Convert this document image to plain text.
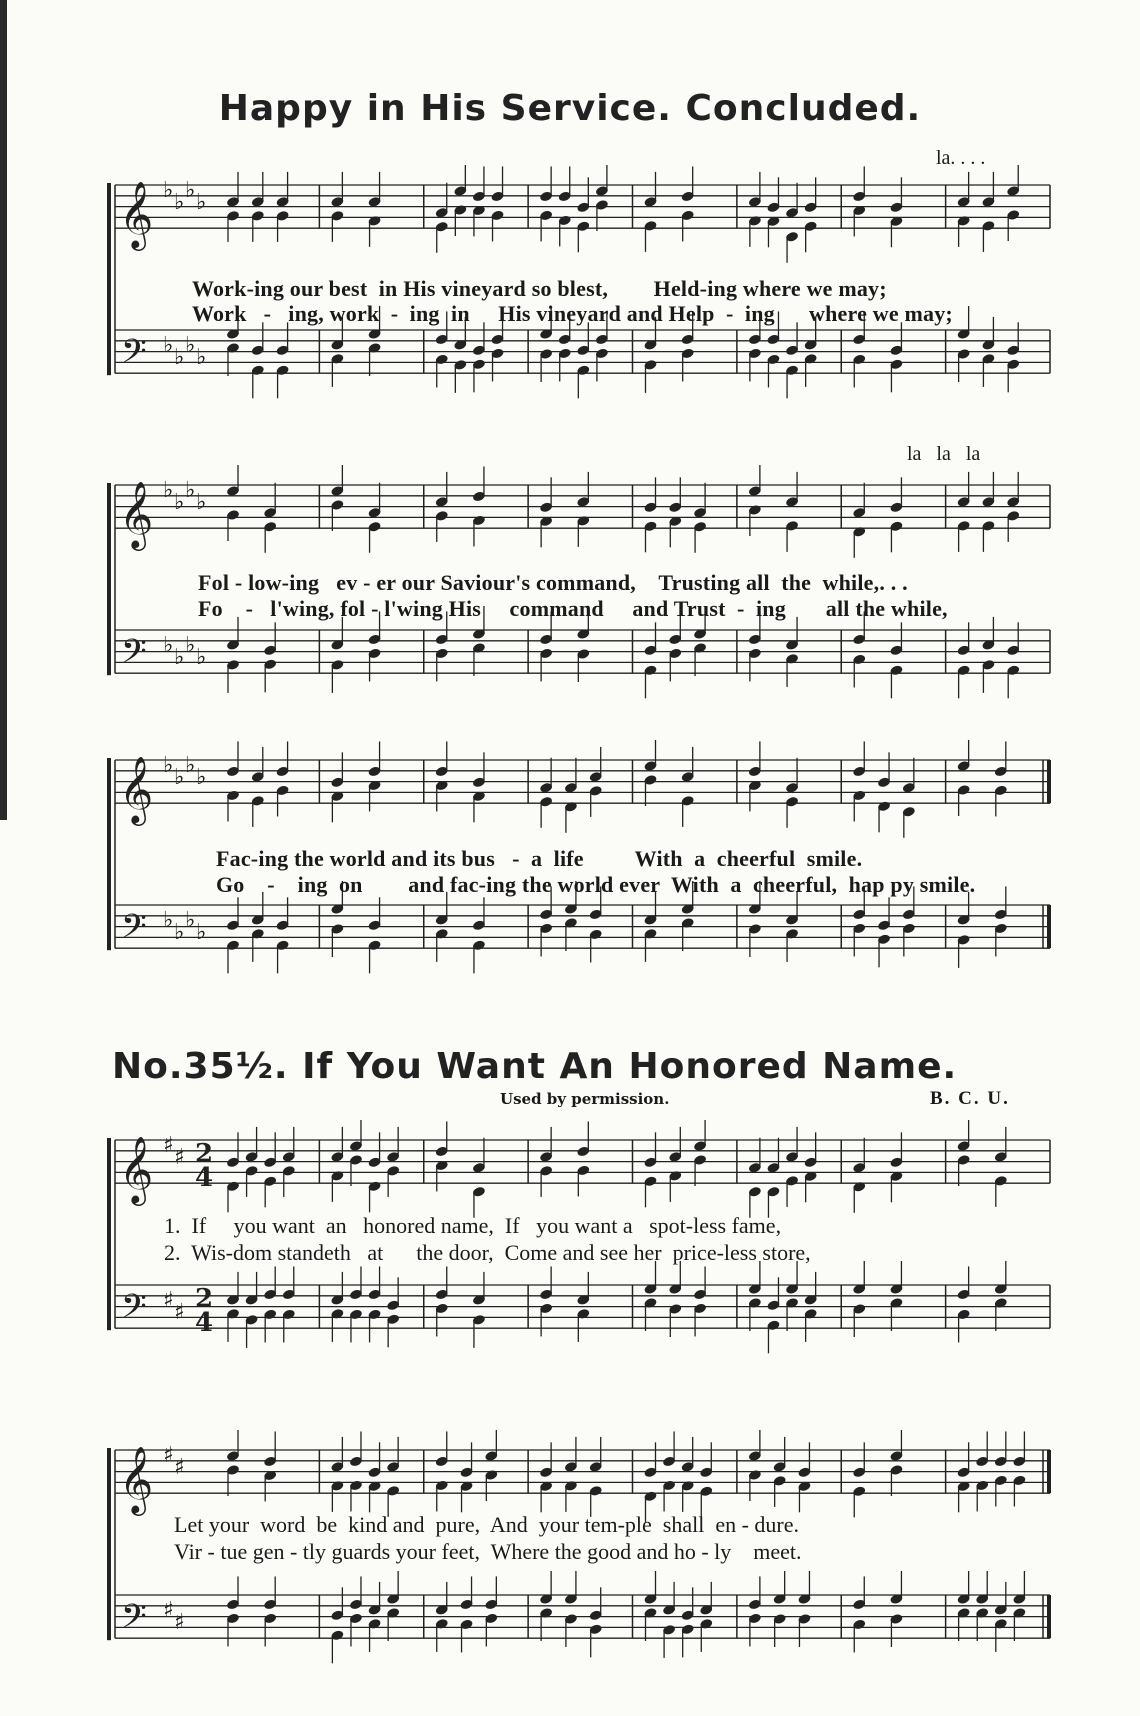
Happy in His Service. Concluded.
𝄞
𝄢
♭
♭
♭
♭
♭
♭
♭
♭
la. . . .
Work-ing our best  in His vineyard so blest,        Held-ing where we may;
Work   -   ing, work  -  ing  in     His vineyard and Help  -  ing      where we may;
𝄞
𝄢
♭
♭
♭
♭
♭
♭
♭
♭
la   la   la
Fol - low-ing   ev - er our Saviour's command,    Trusting all  the  while,. . .
Fo    -   l'wing, fol - l'wing His     command     and Trust  -  ing       all the while,
𝄞
𝄢
♭
♭
♭
♭
♭
♭
♭
♭
Fac-ing the world and its bus   -  a  life         With  a  cheerful  smile.
Go    -    ing  on        and fac-ing the world ever  With  a  cheerful,  hap py smile.
No.35½. If You Want An Honored Name.
Used by permission.	B. C. U.
𝄞
𝄢
♯
♯
♯
♯
2
4
2
4
1.  If     you want  an   honored name,  If   you want a   spot-less fame,
2.  Wis-dom standeth   at      the door,  Come and see her  price-less store,
𝄞
𝄢
♯
♯
♯
♯
Let your  word  be  kind and  pure,  And  your tem-ple  shall  en - dure.
Vir - tue gen - tly guards your feet,  Where the good and ho - ly    meet.
